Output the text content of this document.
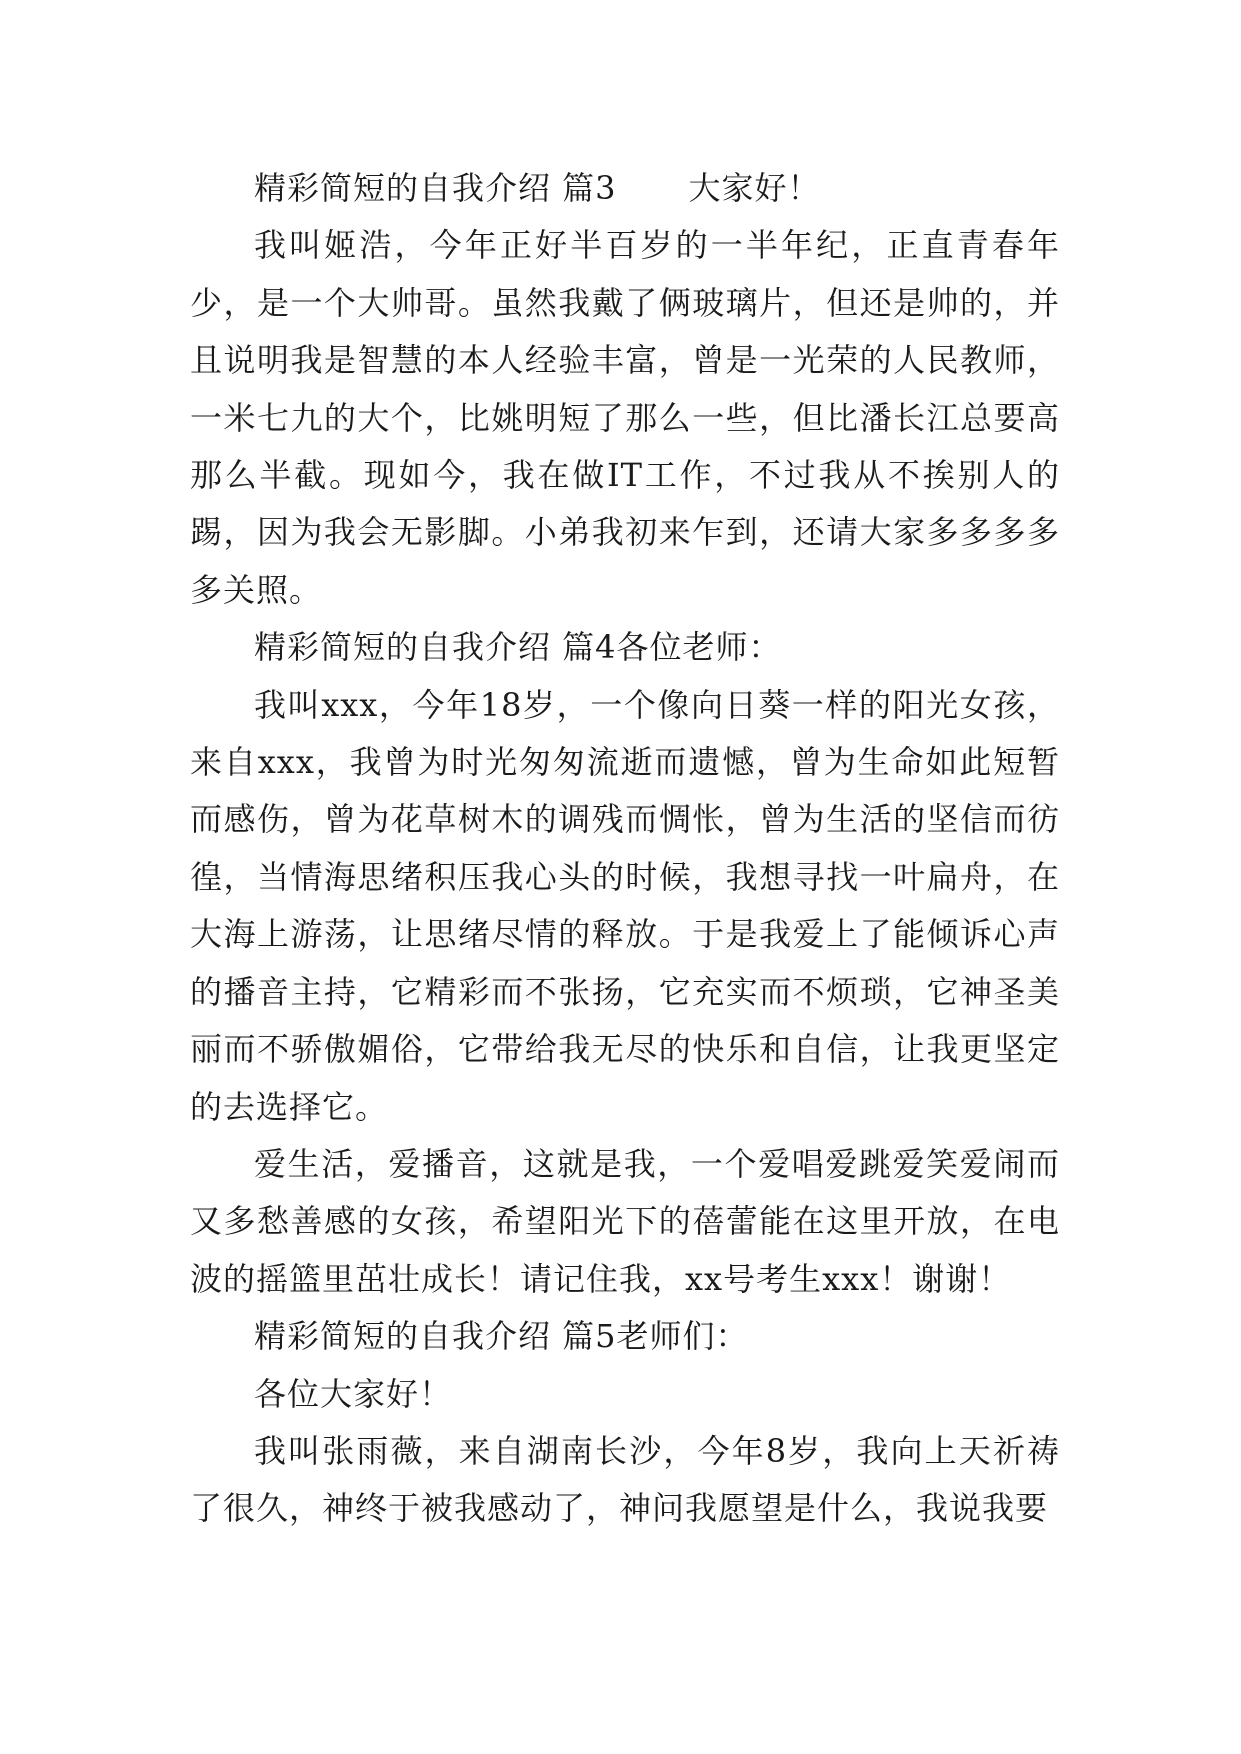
精彩简短的自我介绍 篇3 大家好！

我叫姬浩，今年正好半百岁的一半年纪，正直青春年少，是一个大帅哥。虽然我戴了俩玻璃片，但还是帅的，并且说明我是智慧的本人经验丰富，曾是一光荣的人民教师，一米七九的大个，比姚明短了那么一些，但比潘长江总要高那么半截。现如今，我在做IT工作，不过我从不挨别人的踢，因为我会无影脚。小弟我初来乍到，还请大家多多多多多关照。

精彩简短的自我介绍 篇4各位老师：

我叫xxx，今年18岁，一个像向日葵一样的阳光女孩，来自xxx，我曾为时光匆匆流逝而遗憾，曾为生命如此短暂而感伤，曾为花草树木的调残而惆怅，曾为生活的坚信而彷徨，当情海思绪积压我心头的时候，我想寻找一叶扁舟，在大海上游荡，让思绪尽情的释放。于是我爱上了能倾诉心声的播音主持，它精彩而不张扬，它充实而不烦琐，它神圣美丽而不骄傲媚俗，它带给我无尽的快乐和自信，让我更坚定的去选择它。

爱生活，爱播音，这就是我，一个爱唱爱跳爱笑爱闹而又多愁善感的女孩，希望阳光下的蓓蕾能在这里开放，在电波的摇篮里茁壮成长！请记住我，xx号考生xxx！谢谢！

精彩简短的自我介绍 篇5老师们：

各位大家好！

我叫张雨薇，来自湖南长沙，今年8岁，我向上天祈祷了很久，神终于被我感动了，神问我愿望是什么，我说我要
